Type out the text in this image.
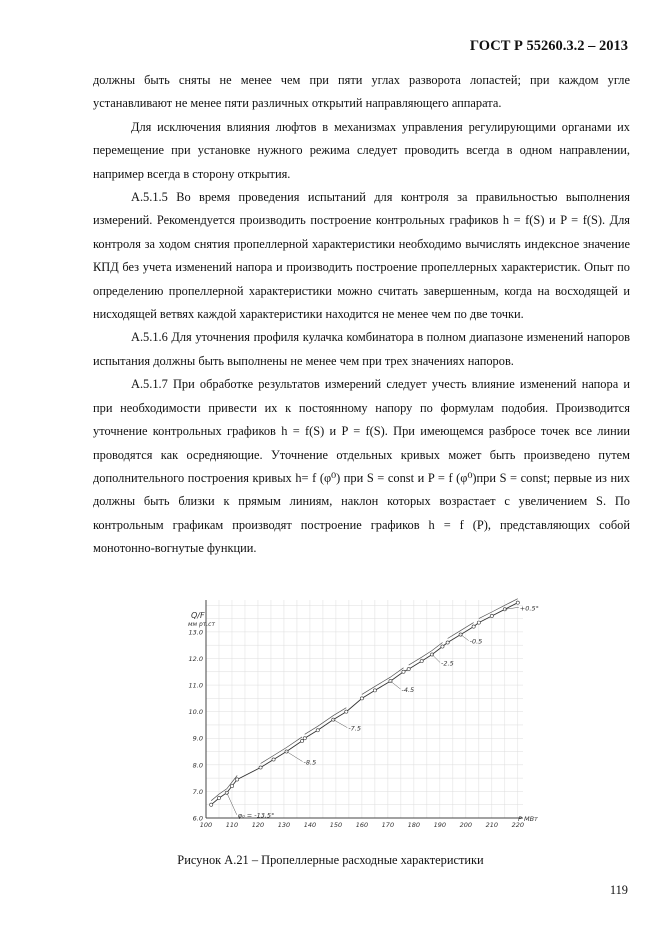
ГОСТ Р 55260.3.2 – 2013

должны быть сняты не менее чем при пяти углах разворота лопастей; при каждом угле устанавливают не менее пяти различных открытий направляющего аппарата.

Для исключения влияния люфтов в механизмах управления регулирующими органами их перемещение при установке нужного режима следует проводить всегда в одном направлении, например всегда в сторону открытия.

А.5.1.5 Во время проведения испытаний для контроля за правильностью выполнения измерений. Рекомендуется производить построение контрольных графиков h = f(S) и P = f(S). Для контроля за ходом снятия пропеллерной характеристики необходимо вычислять индексное значение КПД без учета изменений напора и производить построение пропеллерных характеристик. Опыт по определению пропеллерной характеристики можно считать завершенным, когда на восходящей и нисходящей ветвях каждой характеристики находится не менее чем по две точки.

А.5.1.6 Для уточнения профиля кулачка комбинатора в полном диапазоне изменений напоров испытания должны быть выполнены не менее чем при трех значениях напоров.

А.5.1.7 При обработке результатов измерений следует учесть влияние изменений напора и при необходимости привести их к постоянному напору по формулам подобия. Производится уточнение контрольных графиков h = f(S) и P = f(S). При имеющемся разбросе точек все линии проводятся как осредняющие. Уточнение отдельных кривых может быть произведено путем дополнительного построения кривых h= f (φ⁰) при S = const и P = f (φ⁰)при S = const; первые из них должны быть близки к прямым линиям, наклон которых возрастает с увеличением S. По контрольным графикам производят построение графиков h = f (P), представляющих собой монотонно-вогнутые функции.

6.0
7.0
8.0
9.0
10.0
11.0
12.0
13.0
100 110 120 130 140 150 160 170 180 190 200 210 220
φ₀ = -13.5°
-8.5
-7.5
-4.5
-2.5
-0.5
+0.5°
Q/F
мм рт.ст
P МВт
Рисунок А.21 – Пропеллерные расходные характеристики
119
